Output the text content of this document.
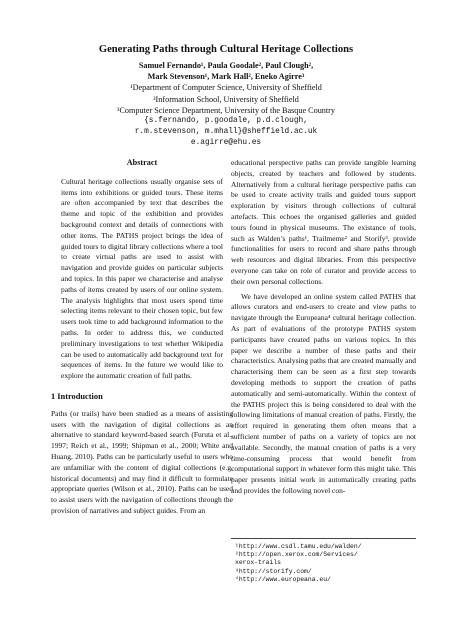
Generating Paths through Cultural Heritage Collections
Samuel Fernando¹, Paula Goodale², Paul Clough²,
Mark Stevenson¹, Mark Hall², Eneko Agirre³
¹Department of Computer Science, University of Sheffield
²Information School, University of Sheffield
³Computer Science Department, University of the Basque Country
{s.fernando, p.goodale, p.d.clough,
r.m.stevenson, m.mhall}@sheffield.ac.uk
e.agirre@ehu.es
Abstract

Cultural heritage collections usually organise sets of items into exhibitions or guided tours. These items are often accompanied by text that describes the theme and topic of the exhibition and provides background context and details of connections with other items. The PATHS project brings the idea of guided tours to digital library collections where a tool to create virtual paths are used to assist with navigation and provide guides on particular subjects and topics. In this paper we characterise and analyse paths of items created by users of our online system. The analysis highlights that most users spend time selecting items relevant to their chosen topic, but few users took time to add background information to the paths. In order to address this, we conducted preliminary investigations to test whether Wikipedia can be used to automatically add background text for sequences of items. In the future we would like to explore the automatic creation of full paths.

1 Introduction

Paths (or trails) have been studied as a means of assisting users with the navigation of digital collections as an alternative to standard keyword-based search (Furuta et al., 1997; Reich et al., 1999; Shipman et al., 2000; White and Huang, 2010). Paths can be particularly useful to users who are unfamiliar with the content of digital collections (e.g. historical documents) and may find it difficult to formulate appropriate queries (Wilson et al., 2010). Paths can be used to assist users with the navigation of collections through the provision of narratives and subject guides. From an

educational perspective paths can provide tangible learning objects, created by teachers and followed by students. Alternatively from a cultural heritage perspective paths can be used to create activity trails and guided tours support exploration by visitors through collections of cultural artefacts. This echoes the organised galleries and guided tours found in physical museums. The existance of tools, such as Walden’s paths¹, Trailmeme² and Storify³, provide functionalities for users to record and share paths through web resources and digital libraries. From this perspective everyone can take on role of curator and provide access to their own personal collections.

We have developed an online system called PATHS that allows curators and end-users to create and view paths to navigate through the Europeana⁴ cultural heritage collection. As part of evaluations of the prototype PATHS system participants have created paths on various topics. In this paper we describe a number of these paths and their characteristics. Analysing paths that are created manually and characterising them can be seen as a first step towards developing methods to support the creation of paths automatically and semi-automatically. Within the context of the PATHS project this is being considered to deal with the following limitations of manual creation of paths. Firstly, the effort required in generating them often means that a sufficient number of paths on a variety of topics are not available. Secondly, the manual creation of paths is a very time-consuming process that would benefit from computational support in whatever form this might take. This paper presents initial work in automatically creating paths and provides the following novel con-

¹http://www.csdl.tamu.edu/walden/
²http://open.xerox.com/Services/
xerox-trails
³http://storify.com/
⁴http://www.europeana.eu/
